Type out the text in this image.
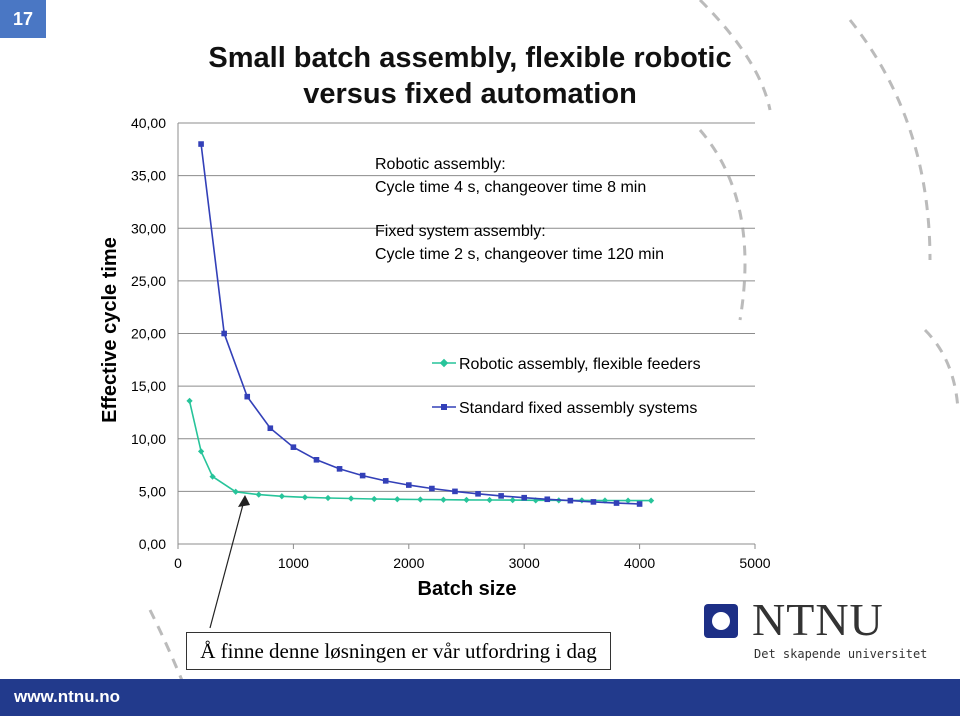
17
Small batch assembly, flexible robotic
versus fixed automation
0,00
5,00
10,00
15,00
20,00
25,00
30,00
35,00
40,00
0	1000	2000	3000	4000	5000
Effective cycle time
Batch size
Robotic assembly:
Cycle time 4 s, changeover time 8 min
Fixed system assembly:
Cycle time 2 s, changeover time 120 min
Robotic assembly, flexible feeders
Standard fixed assembly systems
Å finne denne løsningen er vår utfordring i dag
NTNU
Det skapende universitet
www.ntnu.no
